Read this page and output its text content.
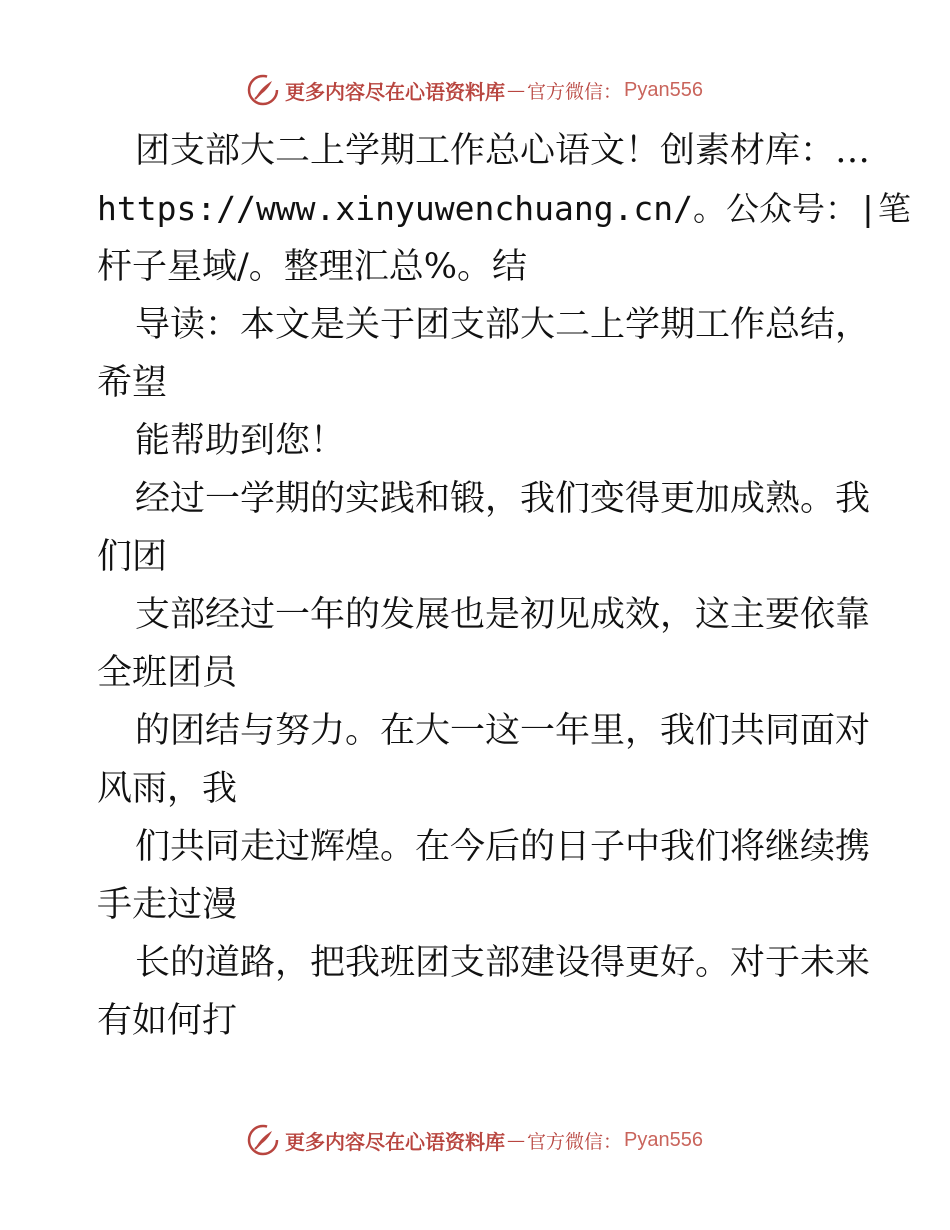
更多内容尽在心语资料库 — 官方微信： Pyan556
团支部大二上学期工作总心语文！创素材库：…
https://www.xinyuwenchuang.cn/。公众号：|笔
杆子星域/。整理汇总%。结
导读：本文是关于团支部大二上学期工作总结，
希望
能帮助到您！
经过一学期的实践和锻，我们变得更加成熟。我
们团
支部经过一年的发展也是初见成效，这主要依靠
全班团员
的团结与努力。在大一这一年里，我们共同面对
风雨，我
们共同走过辉煌。在今后的日子中我们将继续携
手走过漫
长的道路，把我班团支部建设得更好。对于未来
有如何打
更多内容尽在心语资料库 — 官方微信： Pyan556
